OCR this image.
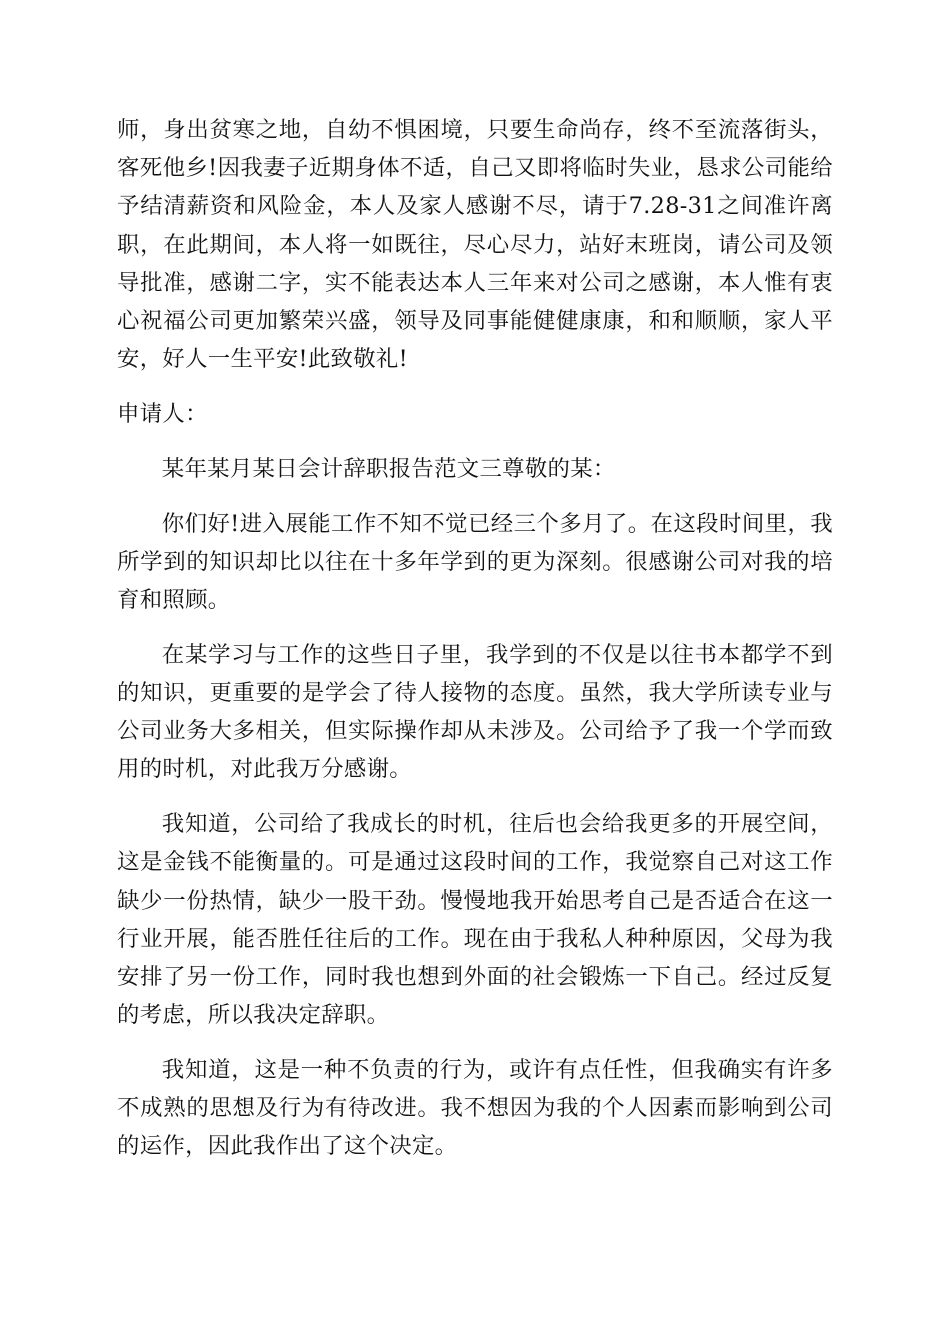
师，身出贫寒之地，自幼不惧困境，只要生命尚存，终不至流落街头，客死他乡!因我妻子近期身体不适，自己又即将临时失业，恳求公司能给予结清薪资和风险金，本人及家人感谢不尽，请于7.28-31之间准许离职，在此期间，本人将一如既往，尽心尽力，站好末班岗，请公司及领导批准，感谢二字，实不能表达本人三年来对公司之感谢，本人惟有衷心祝福公司更加繁荣兴盛，领导及同事能健健康康，和和顺顺，家人平安，好人一生平安!此致敬礼!

申请人：

某年某月某日会计辞职报告范文三尊敬的某：

你们好!进入展能工作不知不觉已经三个多月了。在这段时间里，我所学到的知识却比以往在十多年学到的更为深刻。很感谢公司对我的培育和照顾。

在某学习与工作的这些日子里，我学到的不仅是以往书本都学不到的知识，更重要的是学会了待人接物的态度。虽然，我大学所读专业与公司业务大多相关，但实际操作却从未涉及。公司给予了我一个学而致用的时机，对此我万分感谢。

我知道，公司给了我成长的时机，往后也会给我更多的开展空间，这是金钱不能衡量的。可是通过这段时间的工作，我觉察自己对这工作缺少一份热情，缺少一股干劲。慢慢地我开始思考自己是否适合在这一行业开展，能否胜任往后的工作。现在由于我私人种种原因，父母为我安排了另一份工作，同时我也想到外面的社会锻炼一下自己。经过反复的考虑，所以我决定辞职。

我知道，这是一种不负责的行为，或许有点任性，但我确实有许多不成熟的思想及行为有待改进。我不想因为我的个人因素而影响到公司的运作，因此我作出了这个决定。
